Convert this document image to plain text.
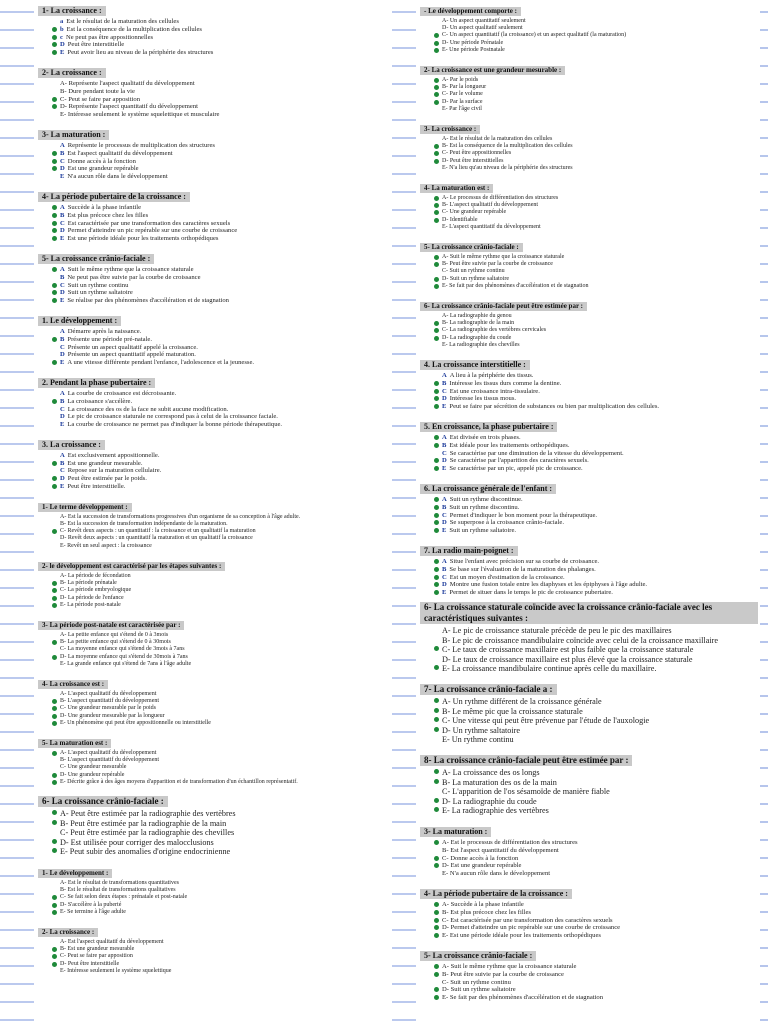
1- La croissance :
a Est le résultat de la maturation des cellules
b Est la conséquence de la multiplication des cellules
c Ne peut pas être appositionnelles
D Peut être interstitielle
E Peut avoir lieu au niveau de la périphérie des structures
2- La croissance :
A- Représente l'aspect qualitatif du développement
B- Dure pendant toute la vie
C- Peut se faire par apposition
D- Représente l'aspect quantitatif du développement
E- Intéresse seulement le système squelettique et musculaire
3- La maturation :
A Représente le processus de multiplication des structures
B Est l'aspect qualitatif du développement
C Donne accès à la fonction
D Est une grandeur repérable
E N'a aucun rôle dans le développement
4- La période pubertaire de la croissance :
A Succède à la phase infantile
B Est plus précoce chez les filles
C Est caractérisée par une transformation des caractères sexuels
D Permet d'atteindre un pic repérable sur une courbe de croissance
E Est une période idéale pour les traitements orthopédiques
5- La croissance crânio-faciale :
A Suit le même rythme que la croissance staturale
B Ne peut pas être suivie par la courbe de croissance
C Suit un rythme continu
D Suit un rythme saltatoire
E Se réalise par des phénomènes d'accélération et de stagnation
1. Le développement :
A Démarre après la naissance.
B Présente une période pré-natale.
C Présente un aspect qualitatif appelé la croissance.
D Présente un aspect quantitatif appelé maturation.
E A une vitesse différente pendant l'enfance, l'adolescence et la jeunesse.
2. Pendant la phase pubertaire :
A La courbe de croissance est décroissante.
B La croissance s'accélère.
C La croissance des os de la face ne subit aucune modification.
D Le pic de croissance staturale ne correspond pas à celui de la croissance faciale.
E La courbe de croissance ne permet pas d'indiquer la bonne période thérapeutique.
3. La croissance :
A Est exclusivement appositionnelle.
B Est une grandeur mesurable.
C Repose sur la maturation cellulaire.
D Peut être estimée par le poids.
E Peut être interstitielle.
1- Le terme développement :
A- Est la succession de transformations progressives d'un organisme de sa conception à l'âge adulte.
B- Est la succession de transformation indépendante de la maturation.
C- Revêt deux aspects : un quantitatif : la croissance et un qualitatif la maturation
D- Revêt deux aspects : un quantitatif la maturation et un qualitatif la croissance
E- Revêt un seul aspect : la croissance
2- le développement est caractérisé par les étapes suivantes :
A- La période de fécondation
B- La période prénatale
C- La période embryologique
D- La période de l'enfance
E- La période post-natale
3- La période post-natale est caractérisée par :
A- La petite enfance qui s'étend de 0 à 3mois
B- La petite enfance qui s'étend de 0 à 30mois
C- La moyenne enfance qui s'étend de 3mois à 7ans
D- La moyenne enfance qui s'étend de 30mois à 7ans
E- La grande enfance qui s'étend de 7ans à l'âge adulte
4- La croissance est :
A- L'aspect qualitatif du développement
B- L'aspect quantitatif du développement
C- Une grandeur mesurable par le poids
D- Une grandeur mesurable par la longueur
E- Un phénomène qui peut être appositionnelle ou interstitielle
5- La maturation est :
A- L'aspect qualitatif du développement
B- L'aspect quantitatif du développement
C- Une grandeur mesurable
D- Une grandeur repérable
E- Décrite grâce à des âges moyens d'apparition et de transformation d'un échantillon représentatif.
6- La croissance crânio-faciale :
A- Peut être estimée par la radiographie des vertèbres
B- Peut être estimée par la radiographie de la main
C- Peut être estimée par la radiographie des chevilles
D- Est utilisée pour corriger des malocclusions
E- Peut subir des anomalies d'origine endocrinienne
1- Le développement :
A- Est le résultat de transformations quantitatives
B- Est le résultat de transformations qualitatives
C- Se fait selon deux étapes : prénatale et post-natale
D- S'accélère à la puberté
E- Se termine à l'âge adulte
2- La croissance :
A- Est l'aspect qualitatif du développement
B- Est une grandeur mesurable
C- Peut se faire par apposition
D- Peut être interstitielle
E- Intéresse seulement le système squelettique
- Le développement comporte :
A- Un aspect quantitatif seulement
D- Un aspect qualitatif seulement
C- Un aspect quantitatif (la croissance) et un aspect qualitatif (la maturation)
D- Une période Prénatale
E- Une période Postnatale
2- La croissance est une grandeur mesurable :
A- Par le poids
B- Par la longueur
C- Par le volume
D- Par la surface
E- Par l'âge civil
3- La croissance :
A- Est le résultat de la maturation des cellules
B- Est la conséquence de la multiplication des cellules
C- Peut être appositionnelles
D- Peut être interstitielles
E- N'a lieu qu'au niveau de la périphérie des structures
4- La maturation est :
A- Le processus de différentiation des structures
B- L'aspect qualitatif du développement
C- Une grandeur repérable
D- Identifiable
E- L'aspect quantitatif du développement
5- La croissance crânio-faciale :
A- Suit le même rythme que la croissance staturale
B- Peut être suivie par la courbe de croissance
C- Suit un rythme continu
D- Suit un rythme saltatoire
E- Se fait par des phénomènes d'accélération et de stagnation
6- La croissance crânio-faciale peut être estimée par :
A- La radiographie du genou
B- La radiographie de la main
C- La radiographie des vertèbres cervicales
D- La radiographie du coude
E- La radiographie des chevilles
4. La croissance interstitielle :
A A lieu à la périphérie des tissus.
B Intéresse les tissus durs comme la dentine.
C Est une croissance intra-tissulaire.
D Intéresse les tissus mous.
E Peut se faire par sécrétion de substances ou bien par multiplication des cellules.
5. En croissance, la phase pubertaire :
A Est divisée en trois phases.
B Est idéale pour les traitements orthopédiques.
C Se caractérise par une diminution de la vitesse du développement.
D Se caractérise par l'apparition des caractères sexuels.
E Se caractérise par un pic, appelé pic de croissance.
6. La croissance générale de l'enfant :
A Suit un rythme discontinue.
B Suit un rythme discontinu.
C Permet d'indiquer le bon moment pour la thérapeutique.
D Se superpose à la croissance crânio-faciale.
E Suit un rythme saltatoire.
7. La radio main-poignet :
A Situe l'enfant avec précision sur sa courbe de croissance.
B Se base sur l'évaluation de la maturation des phalanges.
C Est un moyen d'estimation de la croissance.
D Montre une fusion totale entre les diaphyses et les épiphyses à l'âge adulte.
E Permet de situer dans le temps le pic de croissance pubertaire.
6- La croissance staturale coïncide avec la croissance crânio-faciale avec les caractéristiques suivantes :
A- Le pic de croissance staturale précède de peu le pic des maxillaires
B- Le pic de croissance mandibulaire coïncide avec celui de la croissance maxillaire
C- Le taux de croissance maxillaire est plus faible que la croissance staturale
D- Le taux de croissance maxillaire est plus élevé que la croissance staturale
E- La croissance mandibulaire continue après celle du maxillaire.
7- La croissance crânio-faciale a :
A- Un rythme différent de la croissance générale
B- Le même pic que la croissance staturale
C- Une vitesse qui peut être prévenue par l'étude de l'auxologie
D- Un rythme saltatoire
E- Un rythme continu
8- La croissance crânio-faciale peut être estimée par :
A- La croissance des os longs
B- La maturation des os de la main
C- L'apparition de l'os sésamoïde de manière fiable
D- La radiographie du coude
E- La radiographie des vertèbres
3- La maturation :
A- Est le processus de différentiation des structures
B- Est l'aspect quantitatif du développement
C- Donne accès à la fonction
D- Est une grandeur repérable
E- N'a aucun rôle dans le développement
4- La période pubertaire de la croissance :
A- Succède à la phase infantile
B- Est plus précoce chez les filles
C- Est caractérisée par une transformation des caractères sexuels
D- Permet d'atteindre un pic repérable sur une courbe de croissance
E- Est une période idéale pour les traitements orthopédiques
5- La croissance crânio-faciale :
A- Suit le même rythme que la croissance staturale
B- Peut être suivie par la courbe de croissance
C- Suit un rythme continu
D- Suit un rythme saltatoire
E- Se fait par des phénomènes d'accélération et de stagnation
